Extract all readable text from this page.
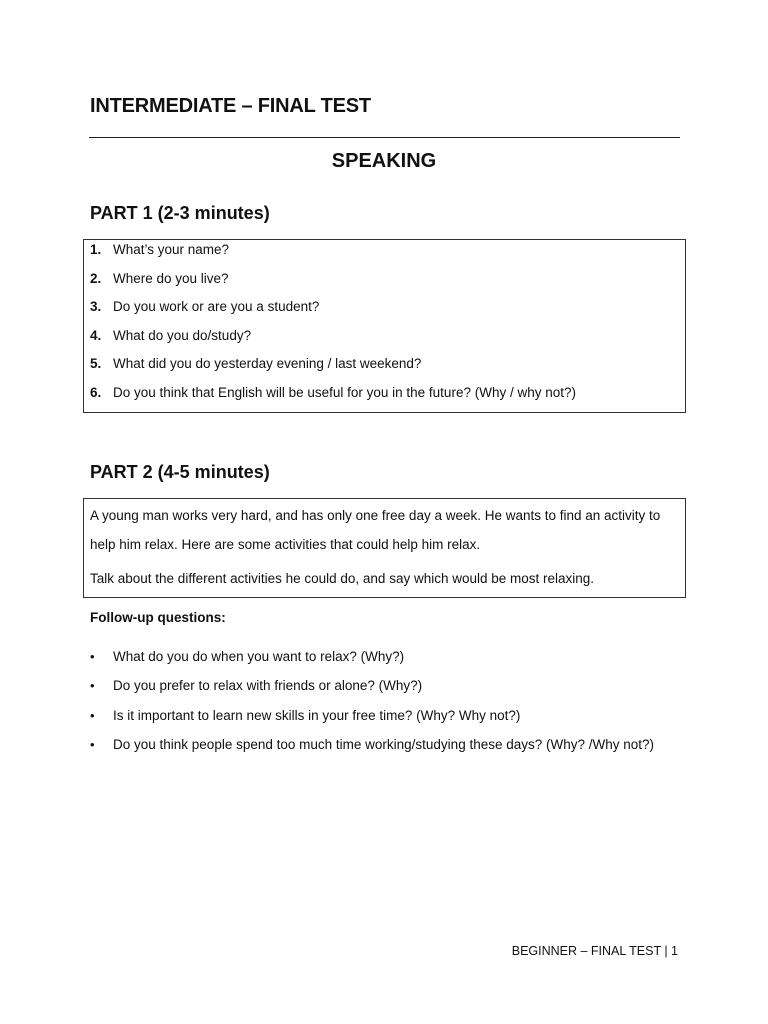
INTERMEDIATE – FINAL TEST
SPEAKING
PART 1 (2-3 minutes)
1. What’s your name?
2. Where do you live?
3. Do you work or are you a student?
4. What do you do/study?
5. What did you do yesterday evening / last weekend?
6. Do you think that English will be useful for you in the future? (Why / why not?)
PART 2 (4-5 minutes)

A young man works very hard, and has only one free day a week. He wants to find an activity to help him relax. Here are some activities that could help him relax.

Talk about the different activities he could do, and say which would be most relaxing.

Follow-up questions:
• What do you do when you want to relax? (Why?)
• Do you prefer to relax with friends or alone? (Why?)
• Is it important to learn new skills in your free time? (Why? Why not?)
• Do you think people spend too much time working/studying these days? (Why? /Why not?)
BEGINNER – FINAL TEST | 1
